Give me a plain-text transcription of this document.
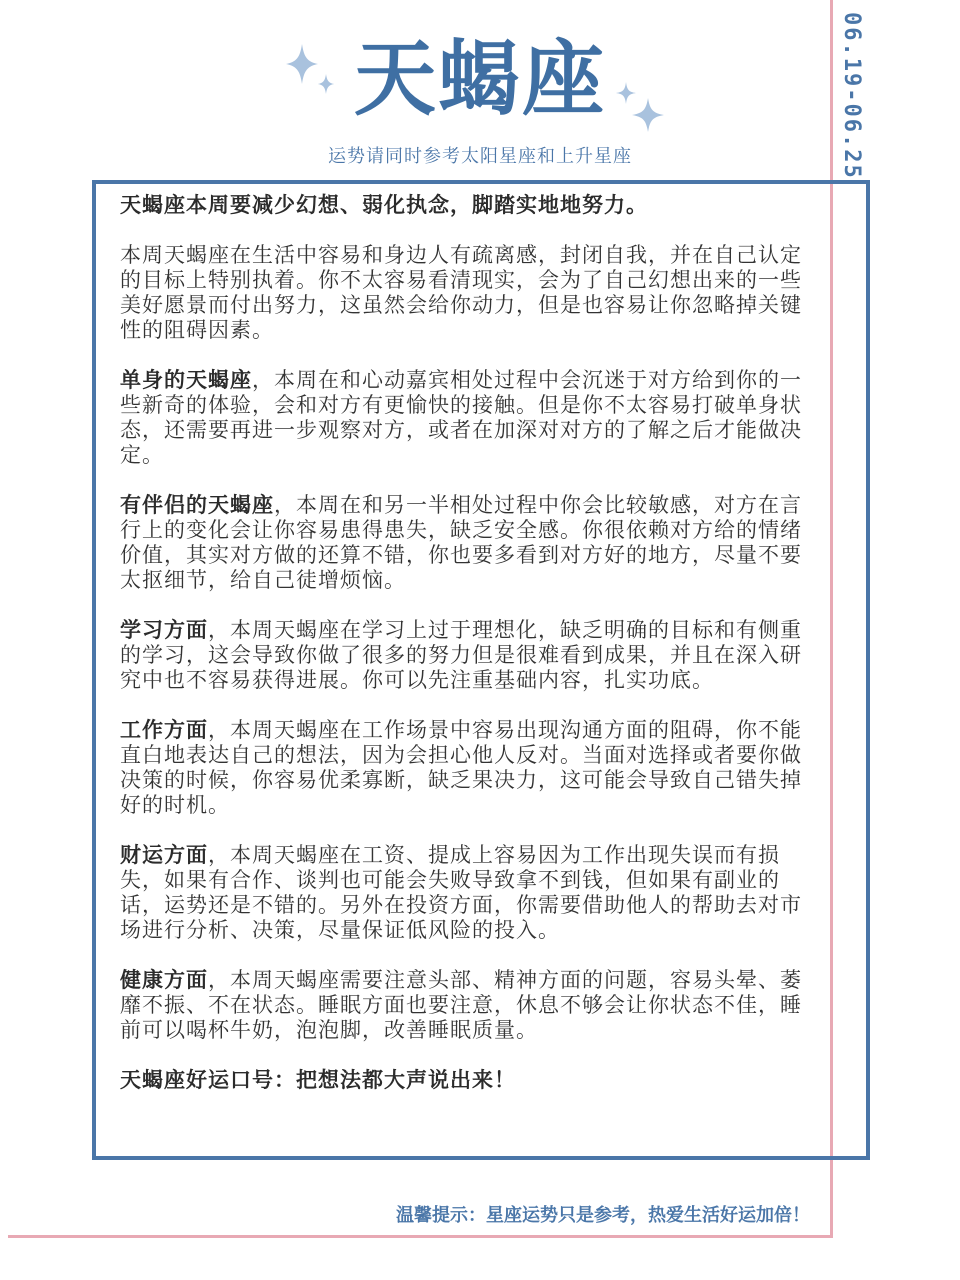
06.19-06.25
天蝎座
运势请同时参考太阳星座和上升星座

天蝎座本周要减少幻想、弱化执念，脚踏实地地努力。

本周天蝎座在生活中容易和身边人有疏离感，封闭自我，并在自己认定的目标上特别执着。你不太容易看清现实，会为了自己幻想出来的一些美好愿景而付出努力，这虽然会给你动力，但是也容易让你忽略掉关键性的阻碍因素。

单身的天蝎座，本周在和心动嘉宾相处过程中会沉迷于对方给到你的一些新奇的体验，会和对方有更愉快的接触。但是你不太容易打破单身状态，还需要再进一步观察对方，或者在加深对对方的了解之后才能做决定。

有伴侣的天蝎座，本周在和另一半相处过程中你会比较敏感，对方在言行上的变化会让你容易患得患失，缺乏安全感。你很依赖对方给的情绪价值，其实对方做的还算不错，你也要多看到对方好的地方，尽量不要太抠细节，给自己徒增烦恼。

学习方面，本周天蝎座在学习上过于理想化，缺乏明确的目标和有侧重的学习，这会导致你做了很多的努力但是很难看到成果，并且在深入研究中也不容易获得进展。你可以先注重基础内容，扎实功底。

工作方面，本周天蝎座在工作场景中容易出现沟通方面的阻碍，你不能直白地表达自己的想法，因为会担心他人反对。当面对选择或者要你做决策的时候，你容易优柔寡断，缺乏果决力，这可能会导致自己错失掉好的时机。

财运方面，本周天蝎座在工资、提成上容易因为工作出现失误而有损失，如果有合作、谈判也可能会失败导致拿不到钱，但如果有副业的话，运势还是不错的。另外在投资方面，你需要借助他人的帮助去对市场进行分析、决策，尽量保证低风险的投入。

健康方面，本周天蝎座需要注意头部、精神方面的问题，容易头晕、萎靡不振、不在状态。睡眠方面也要注意，休息不够会让你状态不佳，睡前可以喝杯牛奶，泡泡脚，改善睡眠质量。

天蝎座好运口号：把想法都大声说出来！

温馨提示：星座运势只是参考，热爱生活好运加倍！
